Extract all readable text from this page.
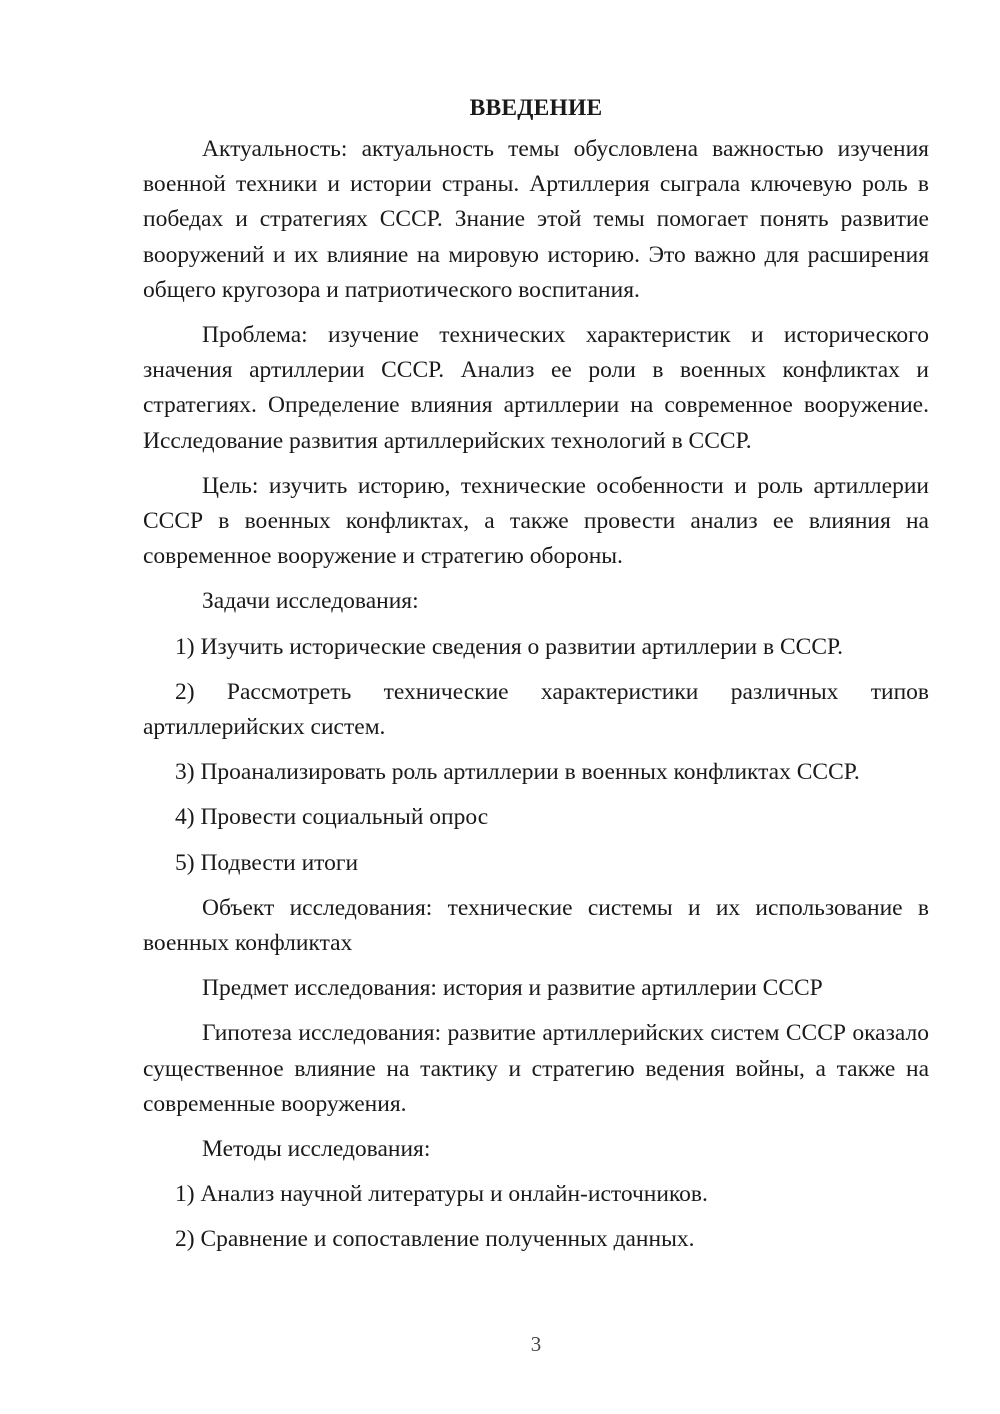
ВВЕДЕНИЕ

Актуальность: актуальность темы обусловлена важностью изучения военной техники и истории страны. Артиллерия сыграла ключевую роль в победах и стратегиях СССР. Знание этой темы помогает понять развитие вооружений и их влияние на мировую историю. Это важно для расширения общего кругозора и патриотического воспитания.

Проблема: изучение технических характеристик и исторического значения артиллерии СССР. Анализ ее роли в военных конфликтах и стратегиях. Определение влияния артиллерии на современное вооружение. Исследование развития артиллерийских технологий в СССР.

Цель: изучить историю, технические особенности и роль артиллерии СССР в военных конфликтах, а также провести анализ ее влияния на современное вооружение и стратегию обороны.

Задачи исследования:

1) Изучить исторические сведения о развитии артиллерии в СССР.

2) Рассмотреть технические характеристики различных типов артиллерийских систем.

3) Проанализировать роль артиллерии в военных конфликтах СССР.

4) Провести социальный опрос

5) Подвести итоги

Объект исследования: технические системы и их использование в военных конфликтах

Предмет исследования: история и развитие артиллерии СССР

Гипотеза исследования: развитие артиллерийских систем СССР оказало существенное влияние на тактику и стратегию ведения войны, а также на современные вооружения.

Методы исследования:

1) Анализ научной литературы и онлайн-источников.

2) Сравнение и сопоставление полученных данных.

3
